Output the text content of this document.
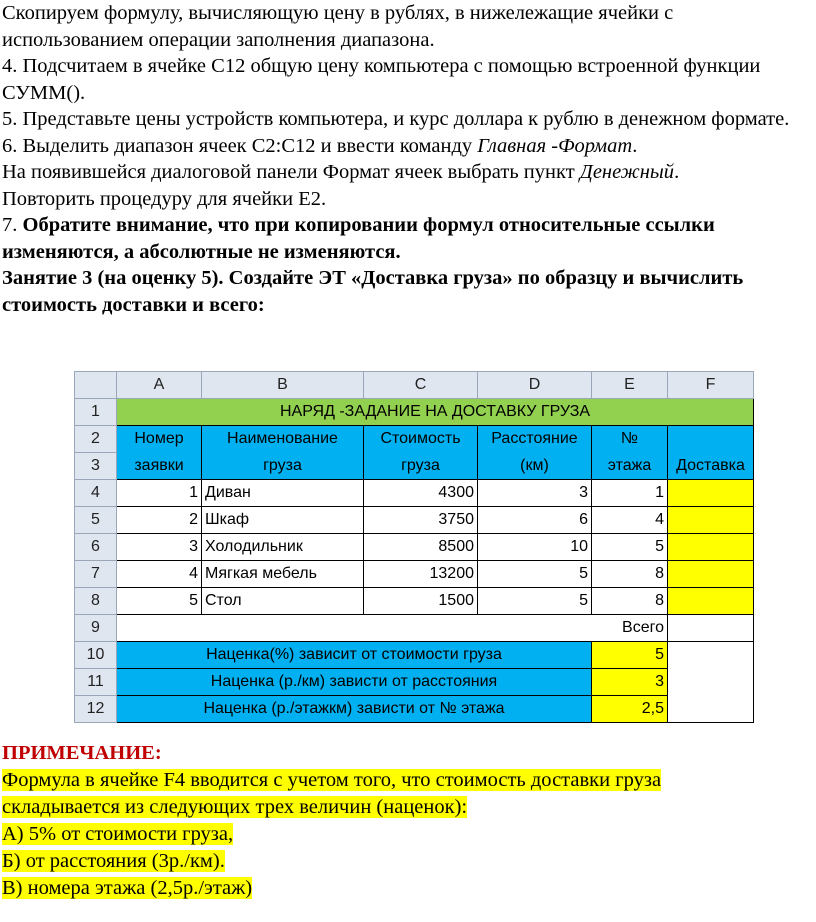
Скопируем формулу, вычисляющую цену в рублях, в нижележащие ячейки с использованием операции заполнения диапазона.

4. Подсчитаем в ячейке С12 общую цену компьютера с помощью встроенной функции СУММ().

5. Представьте цены устройств компьютера, и курс доллара к рублю в денежном формате.

6. Выделить диапазон ячеек С2:С12 и ввести команду Главная -Формат.

На появившейся диалоговой панели Формат ячеек выбрать пункт Денежный.

Повторить процедуру для ячейки Е2.

7. Обратите внимание, что при копировании формул относительные ссылки изменяются, а абсолютные не изменяются.

Занятие 3 (на оценку 5). Создайте ЭТ «Доставка груза» по образцу и вычислить стоимость доставки и всего:

	A	B	C	D	E	F
1	НАРЯД -ЗАДАНИЕ НА ДОСТАВКУ ГРУЗА					
2	Номер	Наименование	Стоимость	Расстояние	№	
3	заявки	груза	груза	(км)	этажа	Доставка
4	1	Диван	4300	3	1	
5	2	Шкаф	3750	6	4	
6	3	Холодильник	8500	10	5	
7	4	Мягкая мебель	13200	5	8	
8	5	Стол	1500	5	8	
9	Всего					
10	Наценка(%) зависит от стоимости груза				5	
11	Наценка (р./км) зависти от расстояния				3	
12	Наценка (р./этажкм) зависти от № этажа				2,5	

ПРИМЕЧАНИЕ:

Формула в ячейке F4 вводится с учетом того, что стоимость доставки груза

складывается из следующих трех величин (наценок):

А) 5% от стоимости груза,

Б) от расстояния (3р./км).

В) номера этажа (2,5р./этаж)
